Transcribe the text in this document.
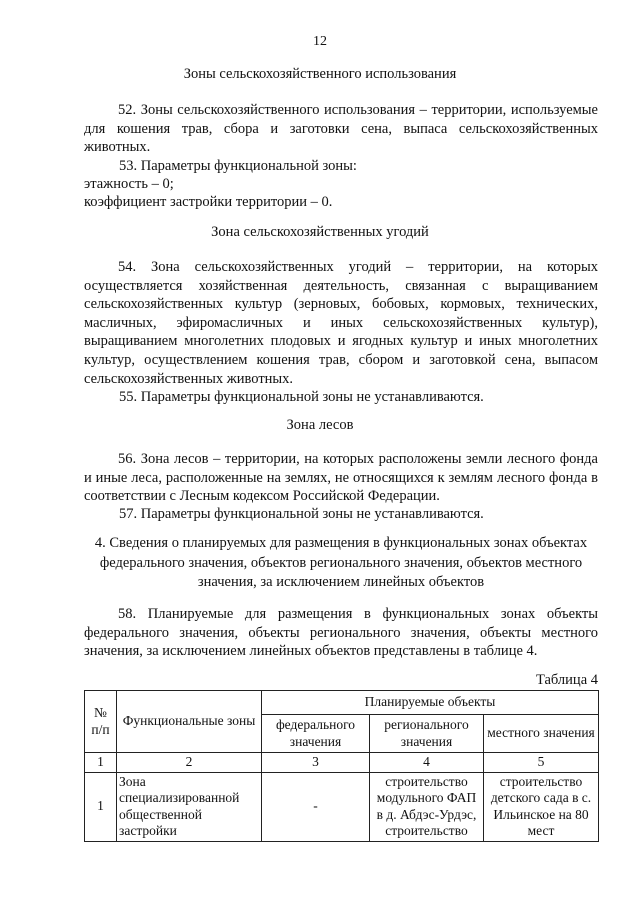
12
Зоны сельскохозяйственного использования

52. Зоны сельскохозяйственного использования – территории, используемые для кошения трав, сбора и заготовки сена, выпаса сельскохозяйственных животных.

53. Параметры функциональной зоны:
этажность – 0;
коэффициент застройки территории – 0.
Зона сельскохозяйственных угодий

54. Зона сельскохозяйственных угодий – территории, на которых осуществляется хозяйственная деятельность, связанная с выращиванием сельскохозяйственных культур (зерновых, бобовых, кормовых, технических, масличных, эфиромасличных и иных сельскохозяйственных культур), выращиванием многолетних плодовых и ягодных культур и иных многолетних культур, осуществлением кошения трав, сбором и заготовкой сена, выпасом сельскохозяйственных животных.

55. Параметры функциональной зоны не устанавливаются.
Зона лесов

56. Зона лесов – территории, на которых расположены земли лесного фонда и иные леса, расположенные на землях, не относящихся к землям лесного фонда в соответствии с Лесным кодексом Российской Федерации.

57. Параметры функциональной зоны не устанавливаются.
4. Сведения о планируемых для размещения в функциональных зонах объектах федерального значения, объектов регионального значения, объектов местного значения, за исключением линейных объектов

58. Планируемые для размещения в функциональных зонах объекты федерального значения, объекты регионального значения, объекты местного значения, за исключением линейных объектов представлены в таблице 4.

Таблица 4
№ п/п	Функциональные зоны	Планируемые объекты		
		федерального значения	регионального значения	местного значения
1	2	3	4	5
1	Зона специализированной общественной застройки	-	строительство модульного ФАП в д. Абдэс-Урдэс, строительство	строительство детского сада в с. Ильинское на 80 мест
